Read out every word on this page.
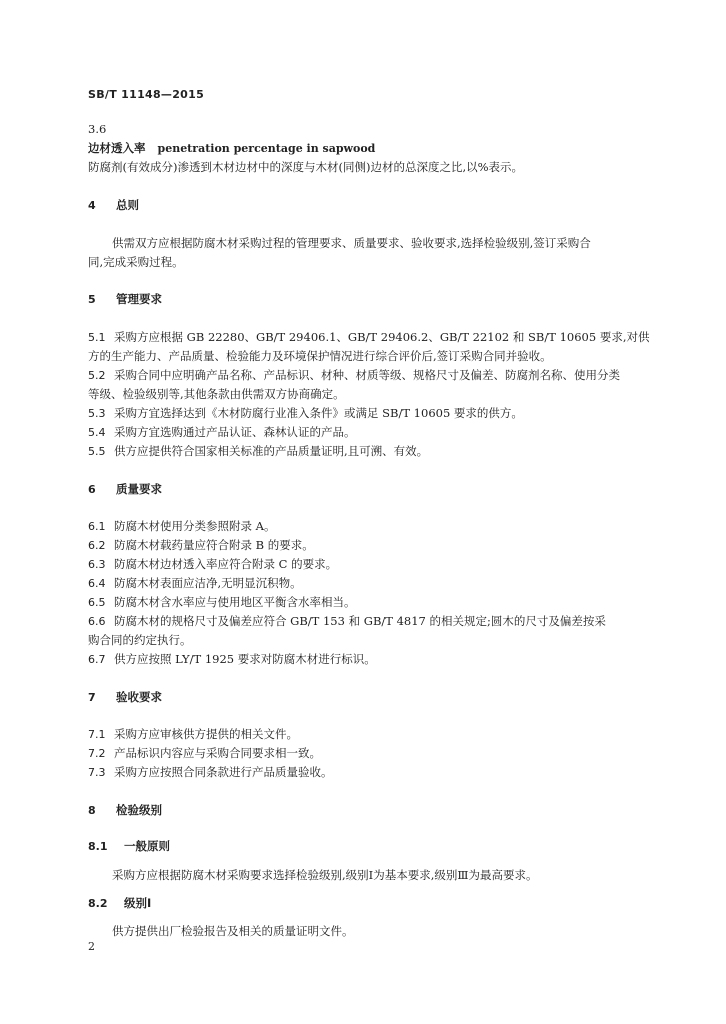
SB/T 11148—2015
3.6
边材透入率 penetration percentage in sapwood
防腐剂(有效成分)渗透到木材边材中的深度与木材(同侧)边材的总深度之比,以%表示。
4 总则
供需双方应根据防腐木材采购过程的管理要求、质量要求、验收要求,选择检验级别,签订采购合
同,完成采购过程。
5 管理要求
5.1 采购方应根据 GB 22280、GB/T 29406.1、GB/T 29406.2、GB/T 22102 和 SB/T 10605 要求,对供
方的生产能力、产品质量、检验能力及环境保护情况进行综合评价后,签订采购合同并验收。
5.2 采购合同中应明确产品名称、产品标识、材种、材质等级、规格尺寸及偏差、防腐剂名称、使用分类
等级、检验级别等,其他条款由供需双方协商确定。
5.3 采购方宜选择达到《木材防腐行业准入条件》或满足 SB/T 10605 要求的供方。
5.4 采购方宜选购通过产品认证、森林认证的产品。
5.5 供方应提供符合国家相关标准的产品质量证明,且可溯、有效。
6 质量要求
6.1 防腐木材使用分类参照附录 A。
6.2 防腐木材载药量应符合附录 B 的要求。
6.3 防腐木材边材透入率应符合附录 C 的要求。
6.4 防腐木材表面应洁净,无明显沉积物。
6.5 防腐木材含水率应与使用地区平衡含水率相当。
6.6 防腐木材的规格尺寸及偏差应符合 GB/T 153 和 GB/T 4817 的相关规定;圆木的尺寸及偏差按采
购合同的约定执行。
6.7 供方应按照 LY/T 1925 要求对防腐木材进行标识。
7 验收要求
7.1 采购方应审核供方提供的相关文件。
7.2 产品标识内容应与采购合同要求相一致。
7.3 采购方应按照合同条款进行产品质量验收。
8 检验级别
8.1 一般原则
采购方应根据防腐木材采购要求选择检验级别,级别Ⅰ为基本要求,级别Ⅲ为最高要求。
8.2 级别Ⅰ
供方提供出厂检验报告及相关的质量证明文件。
2
